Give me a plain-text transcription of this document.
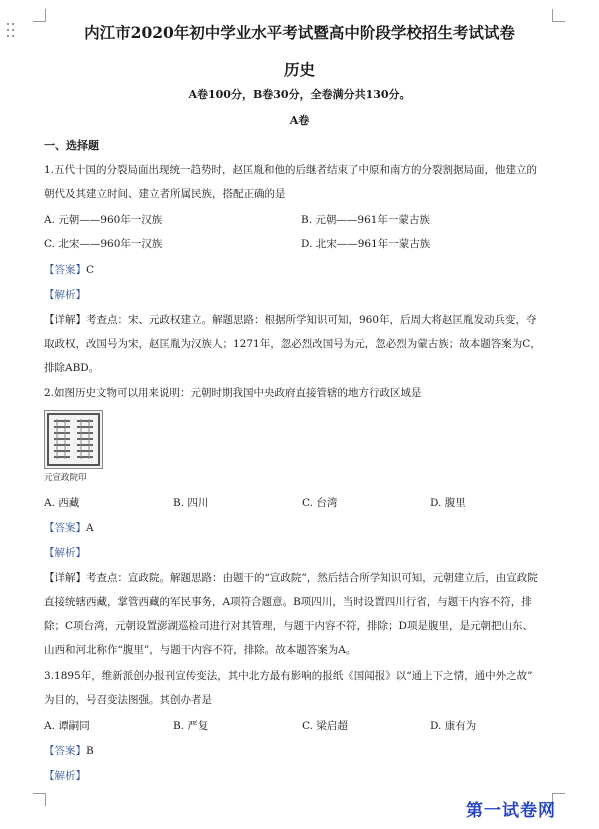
内江市2020年初中学业水平考试暨高中阶段学校招生考试试卷
历史
A卷100分，B卷30分，全卷满分共130分。
A卷
一、选择题
1.五代十国的分裂局面出现统一趋势时，赵匡胤和他的后继者结束了中原和南方的分裂割据局面，他建立的
朝代及其建立时间、建立者所属民族，搭配正确的是
A. 元朝——960年一汉族	B. 元朝——961年一蒙古族
C. 北宋——960年一汉族	D. 北宋——961年一蒙古族
【答案】C
【解析】
【详解】考查点：宋、元政权建立。解题思路：根据所学知识可知，960年，后周大将赵匡胤发动兵变，夺
取政权，改国号为宋，赵匡胤为汉族人；1271年，忽必烈改国号为元，忽必烈为蒙古族；故本题答案为C，
排除ABD。
2.如图历史文物可以用来说明：元朝时期我国中央政府直接管辖的地方行政区域是
元宣政院印
A. 西藏	B. 四川	C. 台湾	D. 腹里
【答案】A
【解析】
【详解】考查点：宣政院。解题思路：由题干的“宣政院”，然后结合所学知识可知，元朝建立后，由宣政院
直接统辖西藏，掌管西藏的军民事务，A项符合题意。B项四川，当时设置四川行省，与题干内容不符，排
除；C项台湾，元朝设置澎湖巡检司进行对其管理，与题干内容不符，排除；D项是腹里，是元朝把山东、
山西和河北称作“腹里”，与题干内容不符，排除。故本题答案为A。
3.1895年，维新派创办报刊宣传变法，其中北方最有影响的报纸《国闻报》以“通上下之情，通中外之故”
为目的，号召变法图强。其创办者是
A. 谭嗣同	B. 严复	C. 梁启超	D. 康有为
【答案】B
【解析】
第一试卷网
